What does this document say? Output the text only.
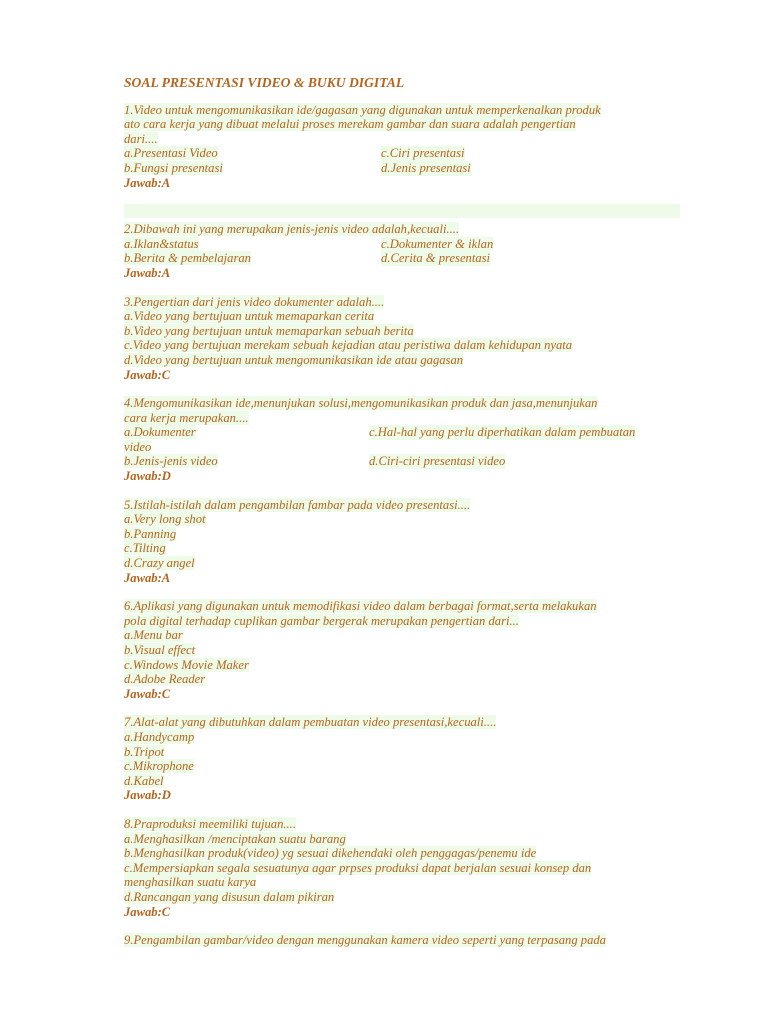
SOAL PRESENTASI VIDEO & BUKU DIGITAL
1.Video untuk mengomunikasikan ide/gagasan yang digunakan untuk memperkenalkan produk
ato cara kerja yang dibuat melalui proses merekam gambar dan suara adalah pengertian
dari....
a.Presentasi Video	c.Ciri presentasi
b.Fungsi presentasi	d.Jenis presentasi
Jawab:A
2.Dibawah ini yang merupakan jenis-jenis video adalah,kecuali....
a.Iklan&status	c.Dokumenter & iklan
b.Berita & pembelajaran	d.Cerita & presentasi
Jawab:A
3.Pengertian dari jenis video dokumenter adalah....
a.Video yang bertujuan untuk memaparkan cerita
b.Video yang bertujuan untuk memaparkan sebuah berita
c.Video yang bertujuan merekam sebuah kejadian atau peristiwa dalam kehidupan nyata
d.Video yang bertujuan untuk mengomunikasikan ide atau gagasan
Jawab:C
4.Mengomunikasikan ide,menunjukan solusi,mengomunikasikan produk dan jasa,menunjukan
cara kerja merupakan....
a.Dokumenter	c.Hal-hal yang perlu diperhatikan dalam pembuatan
video
b.Jenis-jenis video	d.Ciri-ciri presentasi video
Jawab:D
5.Istilah-istilah dalam pengambilan fambar pada video presentasi....
a.Very long shot
b.Panning
c.Tilting
d.Crazy angel
Jawab:A
6.Aplikasi yang digunakan untuk memodifikasi video dalam berbagai format,serta melakukan
pola digital terhadap cuplikan gambar bergerak merupakan pengertian dari...
a.Menu bar
b.Visual effect
c.Windows Movie Maker
d.Adobe Reader
Jawab:C
7.Alat-alat yang dibutuhkan dalam pembuatan video presentasi,kecuali....
a.Handycamp
b.Tripot
c.Mikrophone
d.Kabel
Jawab:D
8.Praproduksi meemiliki tujuan....
a.Menghasilkan /menciptakan suatu barang
b.Menghasilkan produk(video) yg sesuai dikehendaki oleh penggagas/penemu ide
c.Mempersiapkan segala sesuatunya agar prpses produksi dapat berjalan sesuai konsep dan
menghasilkan suatu karya
d.Rancangan yang disusun dalam pikiran
Jawab:C
9.Pengambilan gambar/video dengan menggunakan kamera video seperti yang terpasang pada
